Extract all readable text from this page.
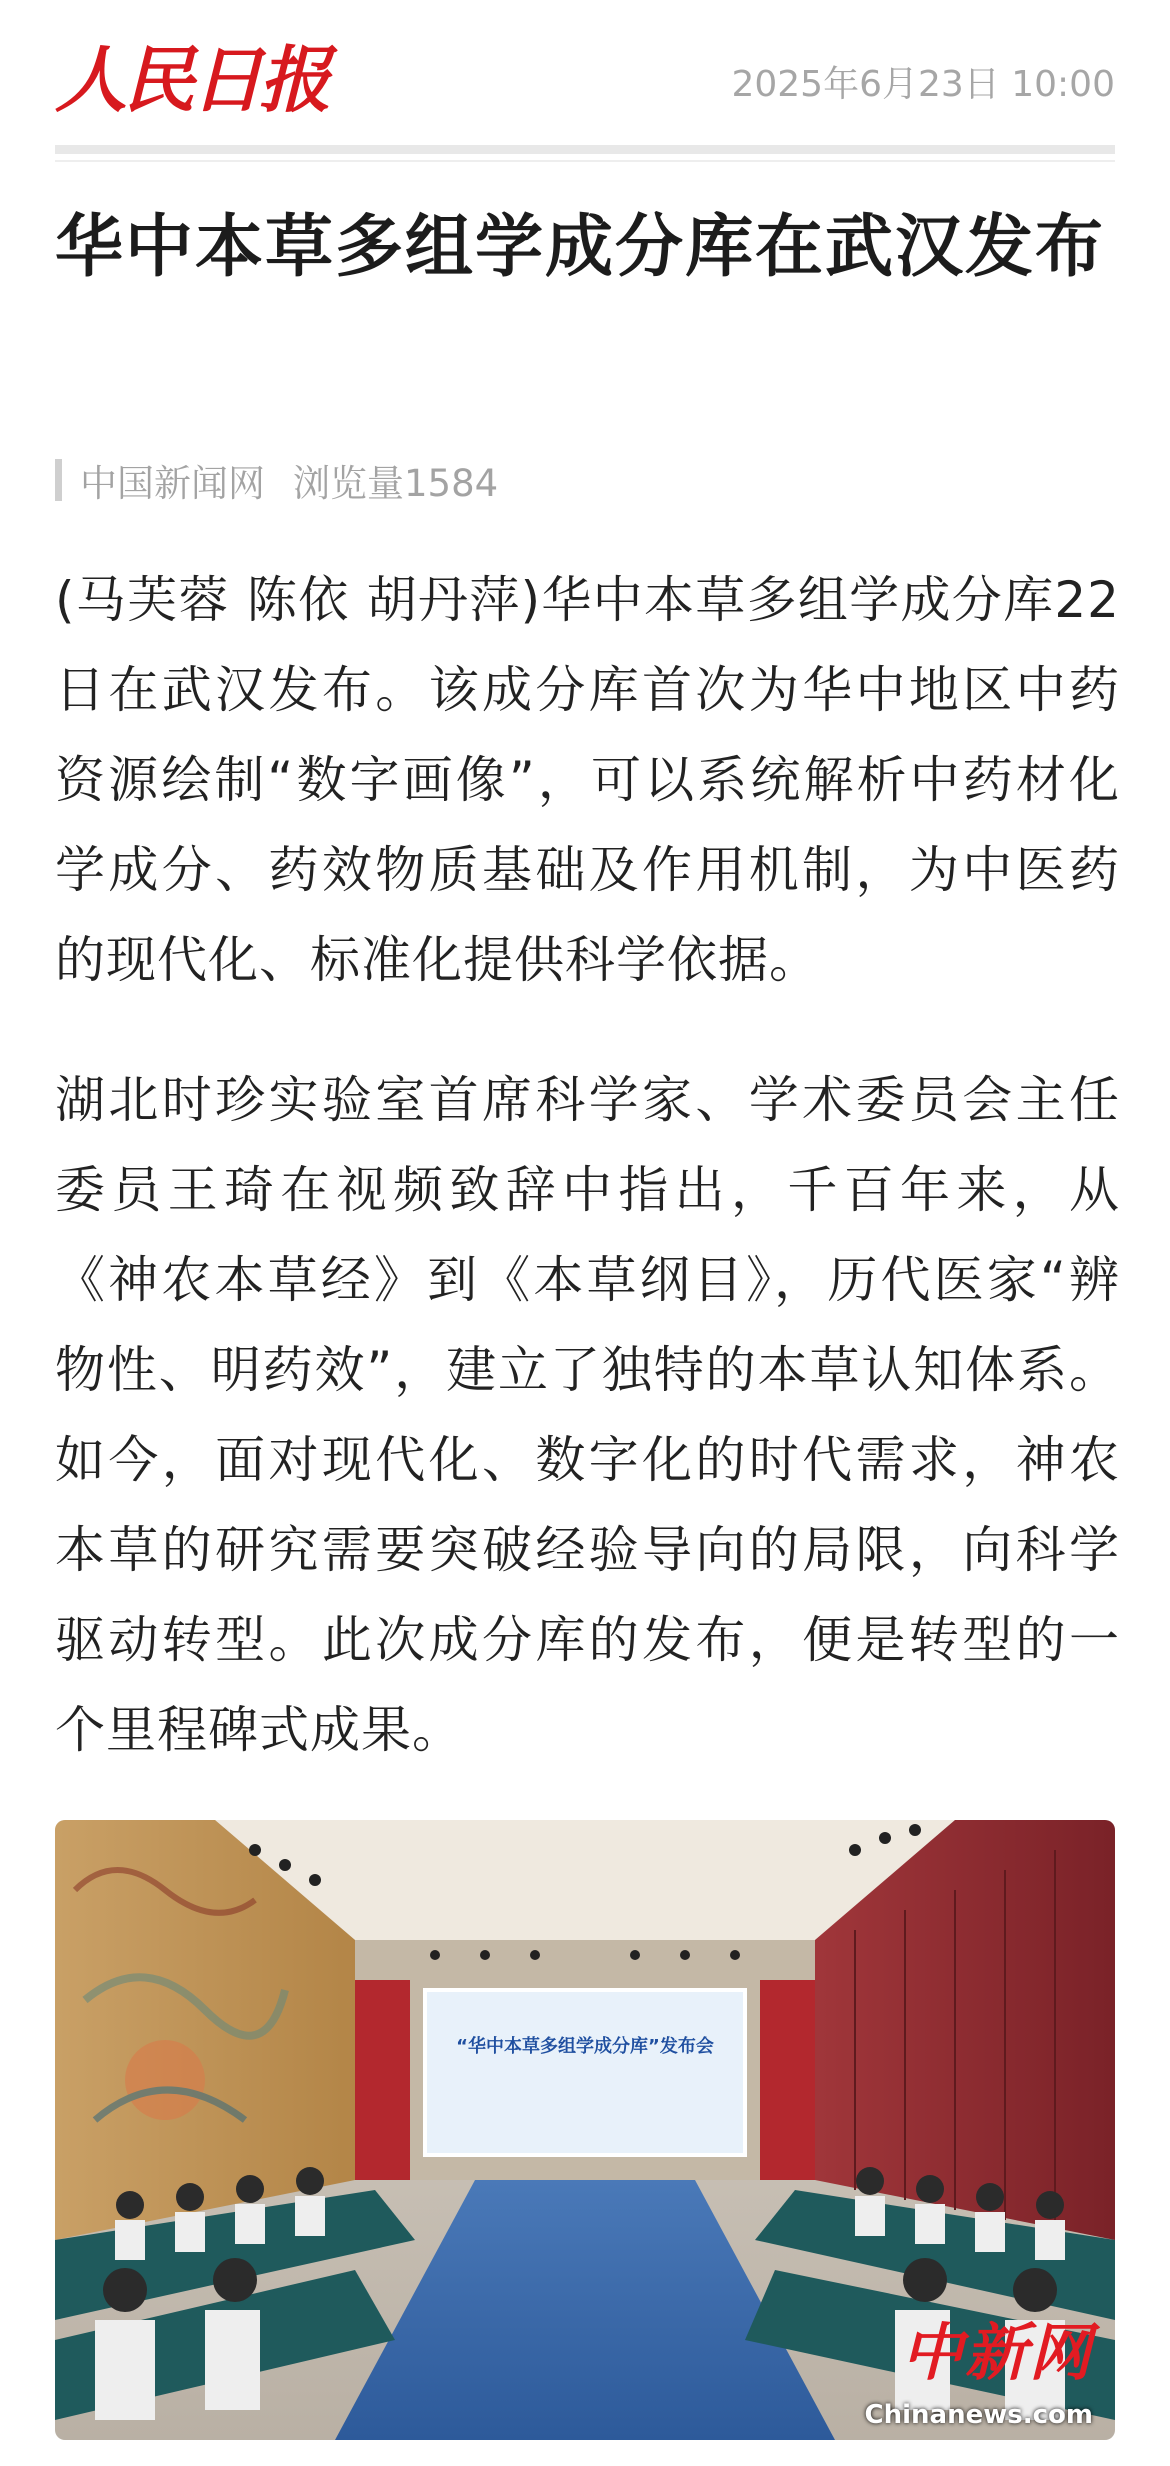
人民日报	2025年6月23日 10:00
华中本草多组学成分库在武汉发布
中国新闻网 浏览量1584

(马芙蓉 陈依 胡丹萍)华中本草多组学成分库22日在武汉发布。该成分库首次为华中地区中药资源绘制“数字画像”，可以系统解析中药材化学成分、药效物质基础及作用机制，为中医药的现代化、标准化提供科学依据。

湖北时珍实验室首席科学家、学术委员会主任委员王琦在视频致辞中指出，千百年来，从《神农本草经》到《本草纲目》，历代医家“辨物性、明药效”，建立了独特的本草认知体系。如今，面对现代化、数字化的时代需求，神农本草的研究需要突破经验导向的局限，向科学驱动转型。此次成分库的发布，便是转型的一个里程碑式成果。

“华中本草多组学成分库”发布会
中新网
Chinanews.com
